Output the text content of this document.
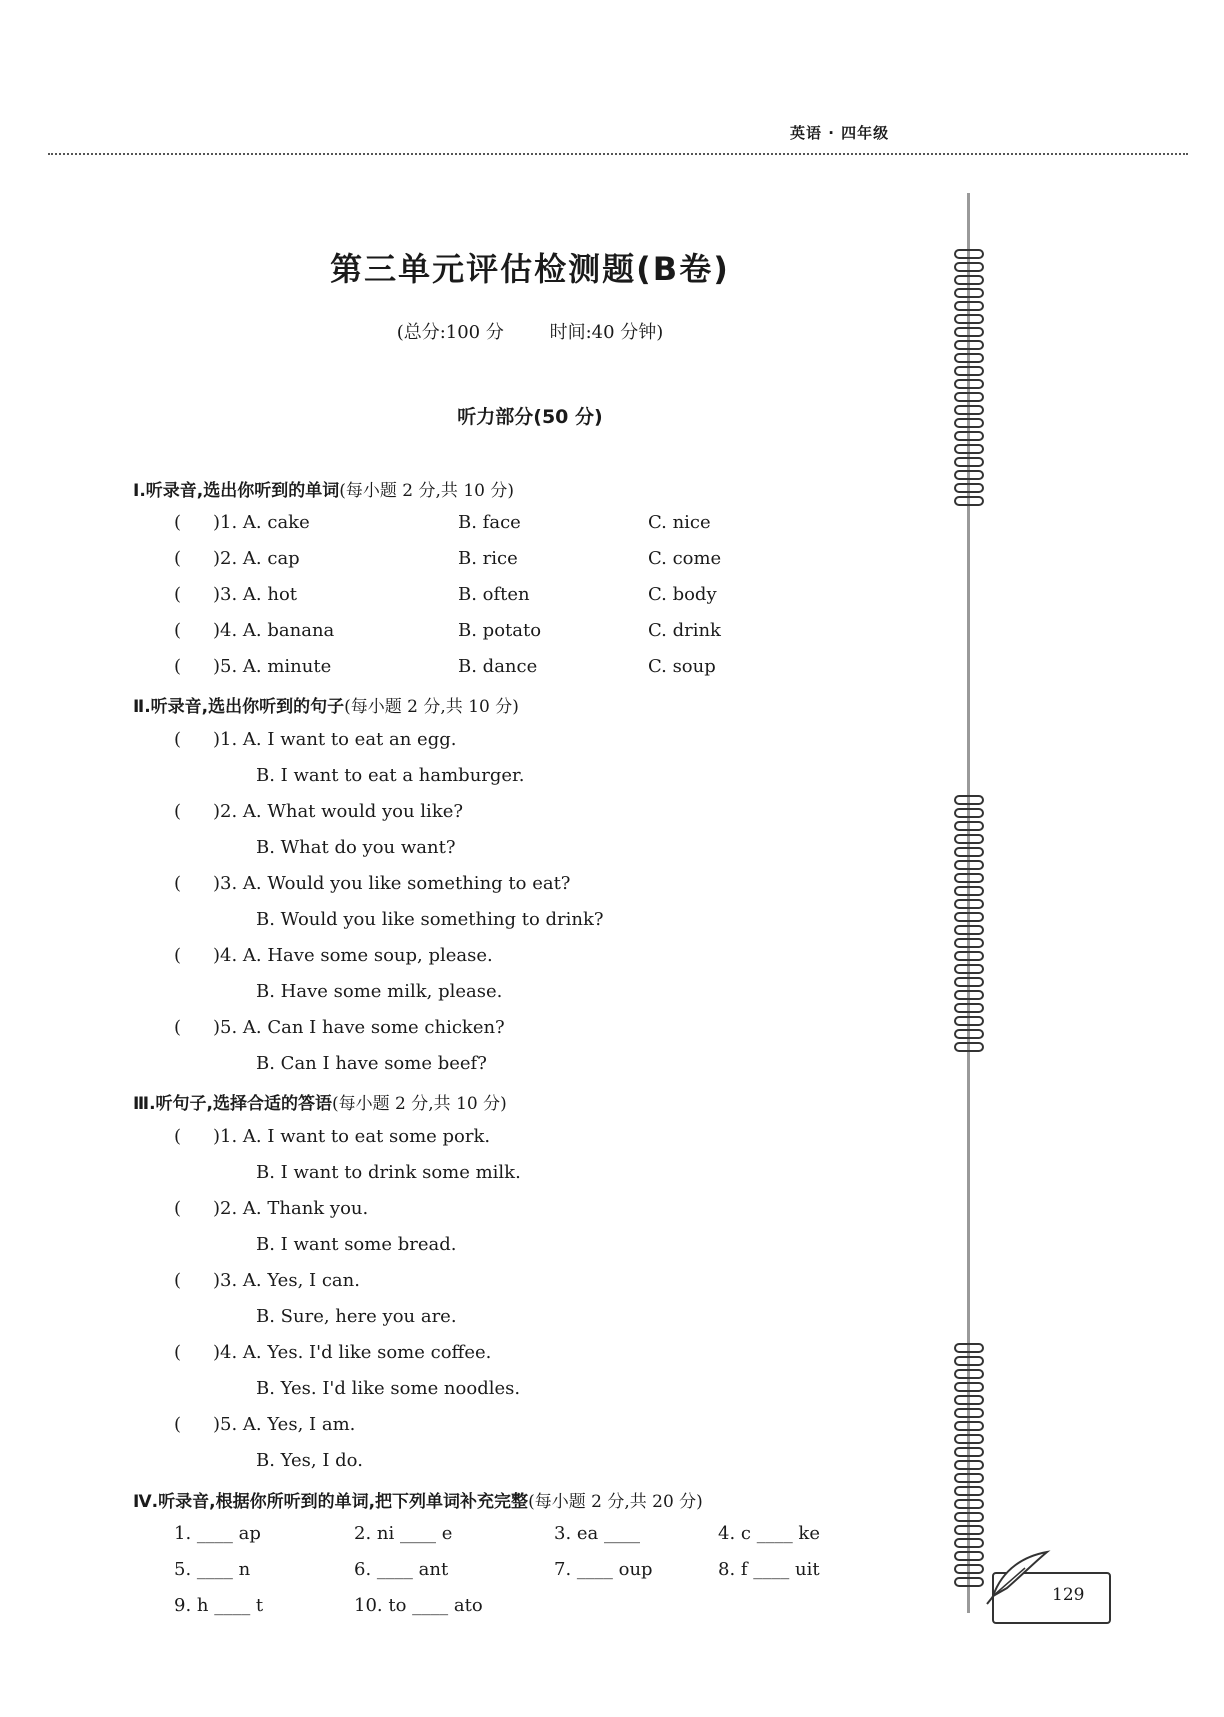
英语 · 四年级
第三单元评估检测题(B卷)
(总分:100 分	时间:40 分钟)
听力部分(50 分)
Ⅰ.听录音,选出你听到的单词(每小题 2 分,共 10 分)
( )1. A. cake	B. face	C. nice
( )2. A. cap	B. rice	C. come
( )3. A. hot	B. often	C. body
( )4. A. banana	B. potato	C. drink
( )5. A. minute	B. dance	C. soup
Ⅱ.听录音,选出你听到的句子(每小题 2 分,共 10 分)
( )1. A. I want to eat an egg.
B. I want to eat a hamburger.
( )2. A. What would you like?
B. What do you want?
( )3. A. Would you like something to eat?
B. Would you like something to drink?
( )4. A. Have some soup, please.
B. Have some milk, please.
( )5. A. Can I have some chicken?
B. Can I have some beef?
Ⅲ.听句子,选择合适的答语(每小题 2 分,共 10 分)
( )1. A. I want to eat some pork.
B. I want to drink some milk.
( )2. A. Thank you.
B. I want some bread.
( )3. A. Yes, I can.
B. Sure, here you are.
( )4. A. Yes. I'd like some coffee.
B. Yes. I'd like some noodles.
( )5. A. Yes, I am.
B. Yes, I do.
Ⅳ.听录音,根据你所听到的单词,把下列单词补充完整(每小题 2 分,共 20 分)
1. ____ ap	2. ni ____ e	3. ea ____	4. c ____ ke
5. ____ n	6. ____ ant	7. ____ oup	8. f ____ uit
9. h ____ t	10. to ____ ato	129
